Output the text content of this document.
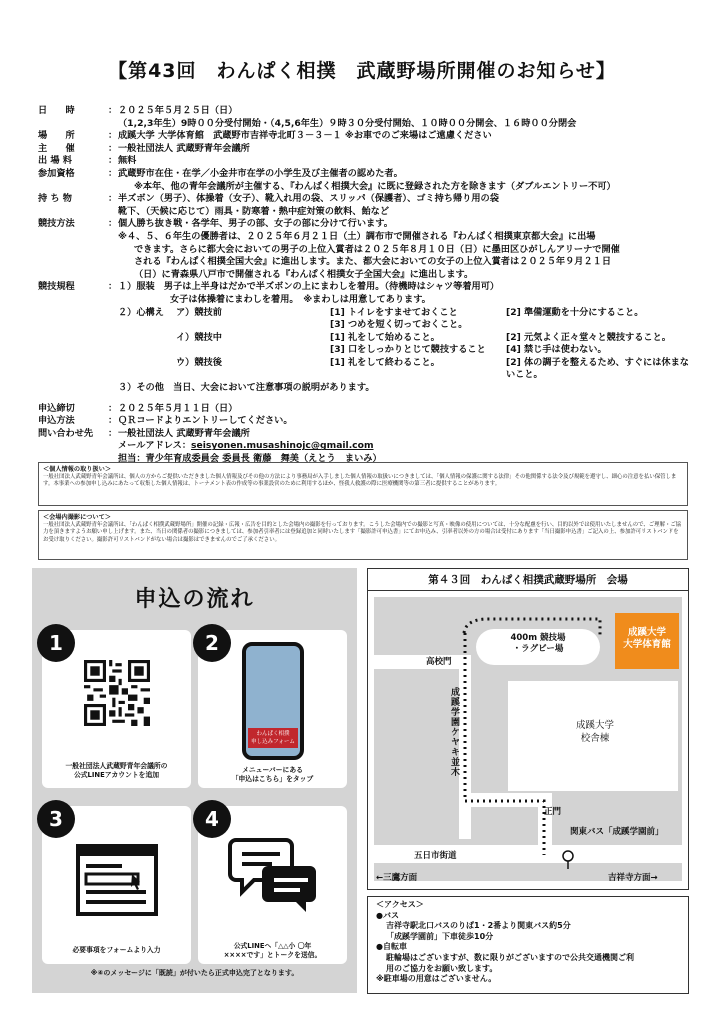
【第43回　わんぱく相撲　武蔵野場所開催のお知らせ】
日　　時	： ２０２５年５月２５日（日）
（1,2,3年生）9時００分受付開始・（4,5,6年生）９時３０分受付開始、１０時００分開会、１６時００分閉会
場　　所	： 成蹊大学 大学体育館　武蔵野市吉祥寺北町３－３－１ ※お車でのご来場はご遠慮ください
主　　催	： 一般社団法人 武蔵野青年会議所
出 場 料	： 無料
参加資格	： 武蔵野市在住・在学／小金井市在学の小学生及び主催者の認めた者。
※本年、他の青年会議所が主催する、『わんぱく相撲大会』に既に登録された方を除きます（ダブルエントリー不可）
持 ち 物	： 半ズボン（男子）、体操着（女子）、靴入れ用の袋、スリッパ（保護者）、ゴミ持ち帰り用の袋
靴下、（天候に応じて）雨具・防寒着・熱中症対策の飲料、飴など
競技方法	： 個人勝ち抜き戦・各学年、男子の部、女子の部に分けて行います。
※４、５、６年生の優勝者は、２０２５年６月２１日（土）調布市で開催される『わんぱく相撲東京都大会』に出場
できます。さらに都大会においての男子の上位入賞者は２０２５年８月１０日（日）に墨田区ひがしんアリーナで開催
される『わんぱく相撲全国大会』に進出します。また、都大会においての女子の上位入賞者は２０２５年９月２１日
（日）に青森県八戸市で開催される『わんぱく相撲女子全国大会』に進出します。
競技規程	： １）服装　男子は上半身はだかで半ズボンの上にまわしを着用。（待機時はシャツ等着用可）
女子は体操着にまわしを着用。　※まわしは用意してあります。
２）心構え	ア）競技前	[1] トイレをすませておくこと	[2] 準備運動を十分にすること。
[3] つめを短く切っておくこと。
イ）競技中	[1] 礼をして始めること。	[2] 元気よく正々堂々と競技すること。
[3] 口をしっかりとじて競技すること	[4] 禁じ手は使わない。
ウ）競技後	[1] 礼をして終わること。	[2] 体の調子を整えるため、すぐには休まないこと。
３）その他　当日、大会において注意事項の説明があります。
申込締切	： ２０２５年５月１１日（日）
申込方法	： ＱＲコードよりエントリーしてください。
問い合わせ先	： 一般社団法人 武蔵野青年会議所
メールアドレス：seisyonen.musashinojc@gmail.com
担当：青少年育成委員会 委員長 衛藤　舞美（えとう　まいみ）
＜個人情報の取り扱い＞
一般社団法人武蔵野青年会議所は、個人の方からご提供いただきました個人情報及びその他の方法により事務局が入手しました個人情報の取扱いにつきましては、「個人情報の保護に関する法律」その他関係する法令及び規範を遵守し、細心の注意を払い保管します。本事業への参加申し込みにあたって収集した個人情報は、トーナメント表の作成等の事業設営のために利用するほか、怪我人救護の際に医療機関等の第三者に提供することがあります。
＜会場内撮影について＞
一般社団法人武蔵野青年会議所は、「わんぱく相撲武蔵野場所」開催の記録・広報・広告を目的とした会場内の撮影を行っております。こうした会場内での撮影と写真・映像の使用については、十分な配慮を行い、目的以外では使用いたしませんので、ご理解・ご協力を頂きますようお願い申し上げます。また、当日の関係者の撮影につきましては、参加者引率者には登録追加と同時いたします「撮影許可申込書」にてお申込み、引率者以外の方の場合は受付にあります「当日撮影申込書」ご記入の上、参加許可リストバンドをお受け取りください。撮影許可リストバンドがない場合は撮影はできませんのでご了承ください。
申込の流れ
1
一般社団法人武蔵野青年会議所の
公式LINEアカウントを追加
2
わんぱく相撲
申し込みフォーム
メニューバーにある
「申込はこちら」をタップ
3
必要事項をフォームより入力
4
公式LINEへ「△△小 〇年
××××です」とトークを送信。
※④のメッセージに「既読」が付いたら正式申込完了となります。
第４３回　わんぱく相撲武蔵野場所　会場
成蹊大学
大学体育館
400m 競技場
・ラグビー場
高校門
成蹊学園ケヤキ並木	成蹊大学
校舎棟
正門
関東バス「成蹊学園前」
五日市街道
←三鷹方面	吉祥寺方面→
＜アクセス＞
●バス
吉祥寺駅北口バスのりば1・2番より関東バス約5分
「成蹊学園前」下車徒歩10分
●自転車
駐輪場はございますが、数に限りがございますので公共交通機関ご利
用のご協力をお願い致します。
※駐車場の用意はございません。
